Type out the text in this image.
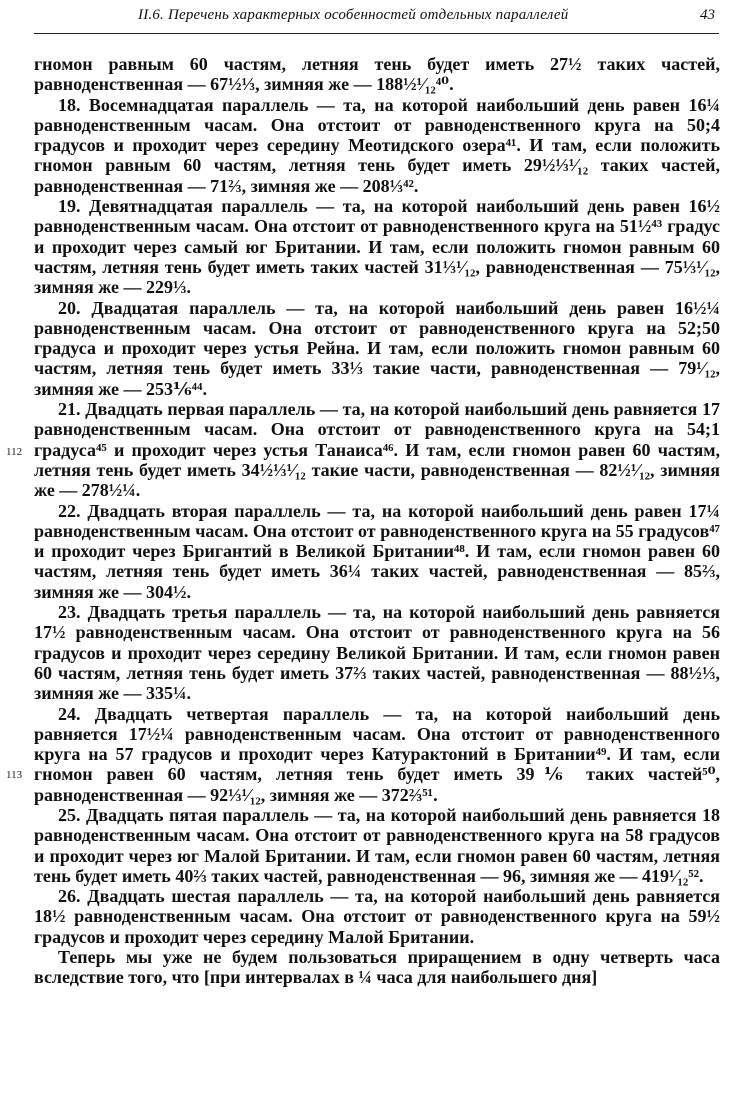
II.6. Перечень характерных особенностей отдельных параллелей	43
112
113

гномон равным 60 частям, летняя тень будет иметь 27½ таких частей, равноденственная — 67½⅓, зимняя же — 188½¹⁄₁₂⁴⁰.

18. Восемнадцатая параллель — та, на которой наибольший день равен 16¼ равноденственным часам. Она отстоит от равноденственного круга на 50;4 градусов и проходит через середину Меотидского озера⁴¹. И там, если положить гномон равным 60 частям, летняя тень будет иметь 29½⅓¹⁄₁₂ таких частей, равноденственная — 71⅔, зимняя же — 208⅓⁴².

19. Девятнадцатая параллель — та, на которой наибольший день равен 16½ равноденственным часам. Она отстоит от равноденственного круга на 51½⁴³ градус и проходит через самый юг Британии. И там, если положить гномон равным 60 частям, летняя тень будет иметь таких частей 31⅓¹⁄₁₂, равноденственная — 75⅓¹⁄₁₂, зимняя же — 229⅓.

20. Двадцатая параллель — та, на которой наибольший день равен 16½¼ равноденственным часам. Она отстоит от равноденственного круга на 52;50 градуса и проходит через устья Рейна. И там, если положить гномон равным 60 частям, летняя тень будет иметь 33⅓ такие части, равноденственная — 79¹⁄₁₂, зимняя же — 253⅙⁴⁴.

21. Двадцать первая параллель — та, на которой наибольший день равняется 17 равноденственным часам. Она отстоит от равноденственного круга на 54;1 градуса⁴⁵ и проходит через устья Танаиса⁴⁶. И там, если гномон равен 60 частям, летняя тень будет иметь 34½⅓¹⁄₁₂ такие части, равноденственная — 82½¹⁄₁₂, зимняя же — 278½¼.

22. Двадцать вторая параллель — та, на которой наибольший день равен 17¼ равноденственным часам. Она отстоит от равноденственного круга на 55 градусов⁴⁷ и проходит через Бригантий в Великой Британии⁴⁸. И там, если гномон равен 60 частям, летняя тень будет иметь 36¼ таких частей, равноденственная — 85⅔, зимняя же — 304½.

23. Двадцать третья параллель — та, на которой наибольший день равняется 17½ равноденственным часам. Она отстоит от равноденственного круга на 56 градусов и проходит через середину Великой Британии. И там, если гномон равен 60 частям, летняя тень будет иметь 37⅔ таких частей, равноденственная — 88½⅓, зимняя же — 335¼.

24. Двадцать четвертая параллель — та, на которой наибольший день равняется 17½¼ равноденственным часам. Она отстоит от равноденственного круга на 57 градусов и проходит через Катурактоний в Британии⁴⁹. И там, если гномон равен 60 частям, летняя тень будет иметь 39⅙ таких частей⁵⁰, равноденственная — 92⅓¹⁄₁₂, зимняя же — 372⅔⁵¹.

25. Двадцать пятая параллель — та, на которой наибольший день равняется 18 равноденственным часам. Она отстоит от равноденственного круга на 58 градусов и проходит через юг Малой Британии. И там, если гномон равен 60 частям, летняя тень будет иметь 40⅔ таких частей, равноденственная — 96, зимняя же — 419¹⁄₁₂⁵².

26. Двадцать шестая параллель — та, на которой наибольший день равняется 18½ равноденственным часам. Она отстоит от равноденственного круга на 59½ градусов и проходит через середину Малой Британии.

Теперь мы уже не будем пользоваться приращением в одну четверть часа вследствие того, что [при интервалах в ¼ часа для наибольшего дня]
